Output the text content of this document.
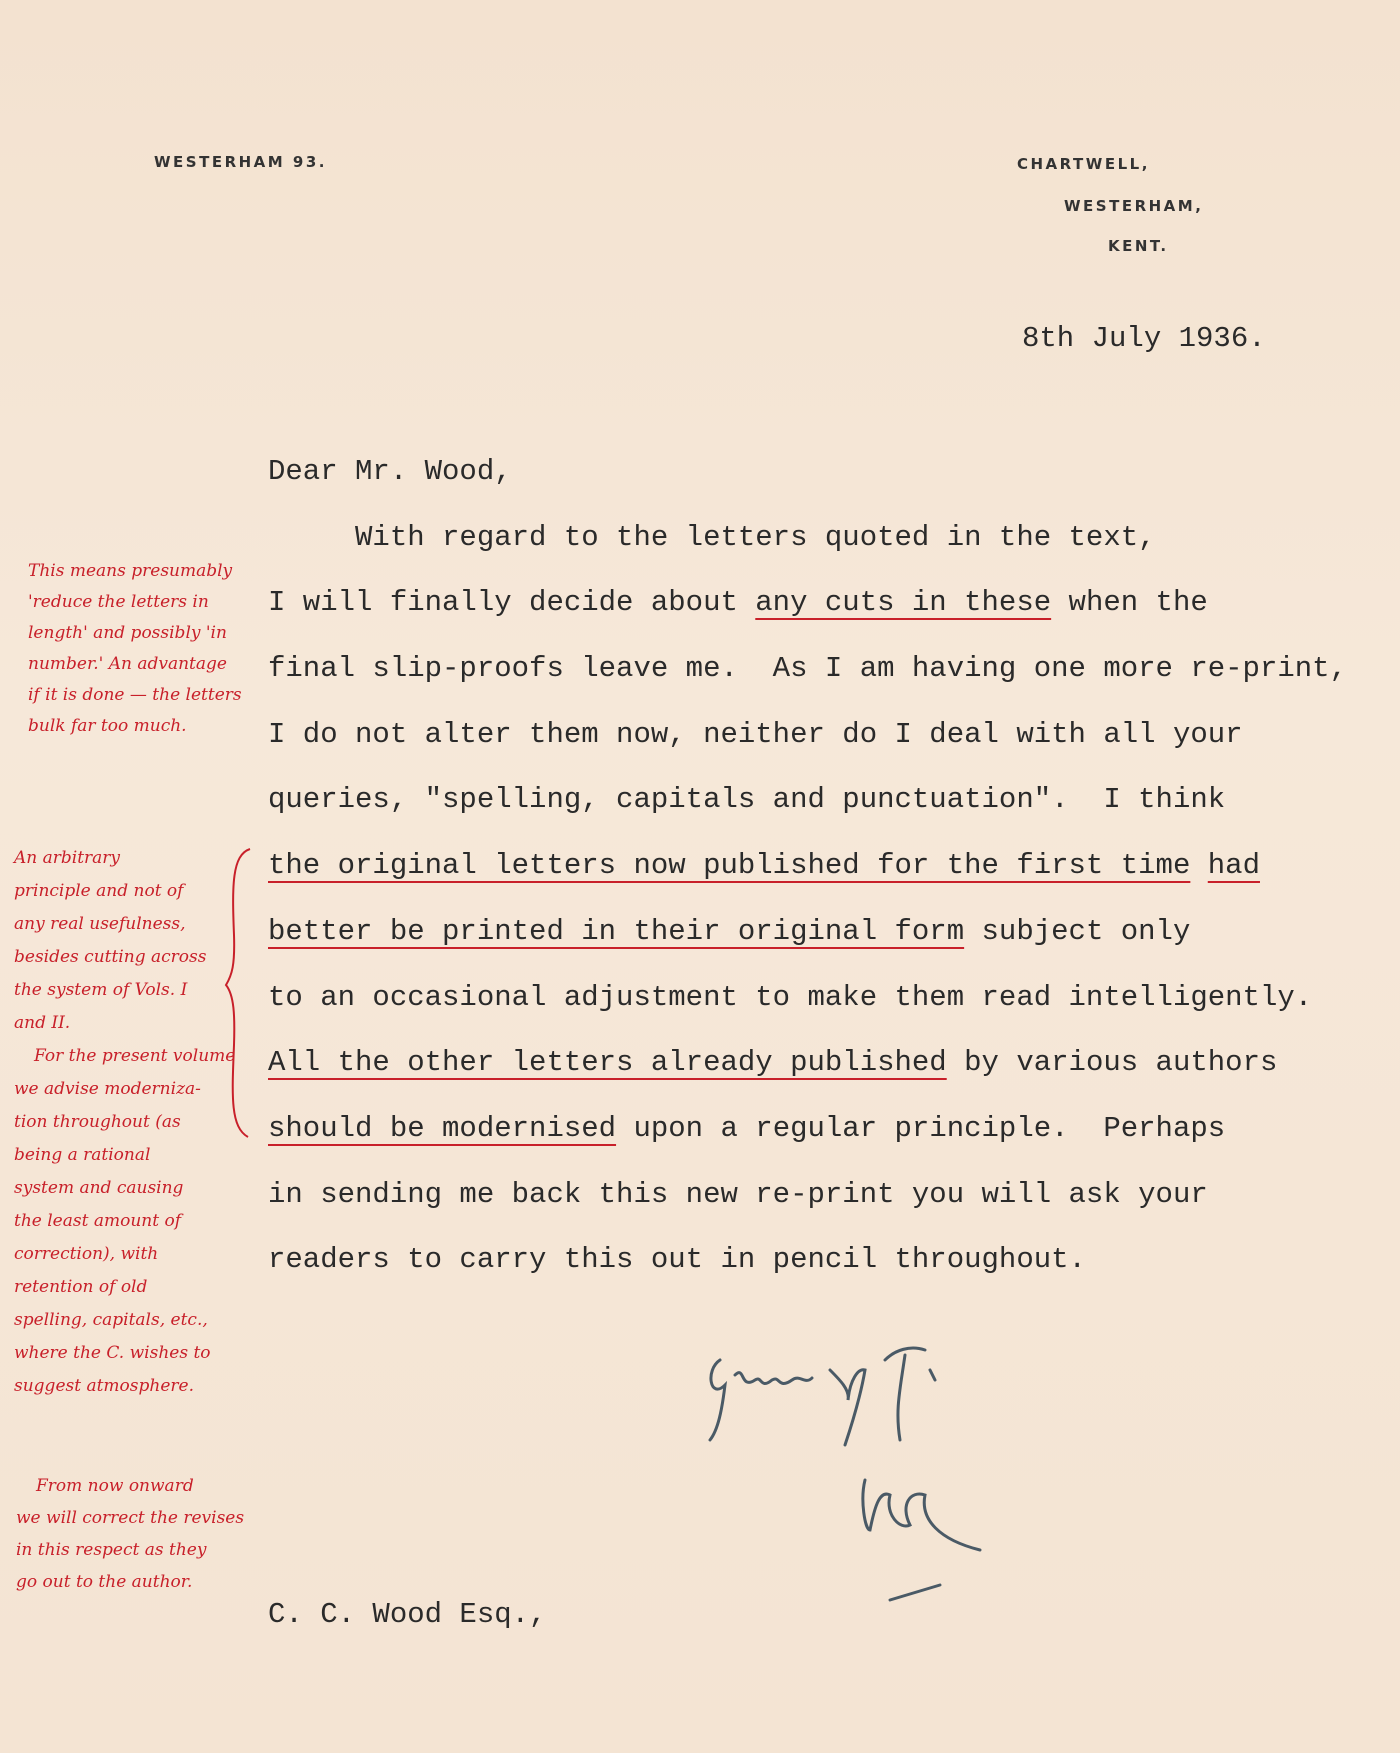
WESTERHAM 93.	CHARTWELL,
WESTERHAM,
KENT.
8th July 1936.
Dear Mr. Wood,
With regard to the letters quoted in the text,
I will finally decide about any cuts in these when the
final slip-proofs leave me.  As I am having one more re-print,
I do not alter them now, neither do I deal with all your
queries, "spelling, capitals and punctuation".  I think
the original letters now published for the first time had
better be printed in their original form subject only
to an occasional adjustment to make them read intelligently.
All the other letters already published by various authors
should be modernised upon a regular principle.  Perhaps
in sending me back this new re-print you will ask your
readers to carry this out in pencil throughout.
C. C. Wood Esq.,
This means presumably
'reduce the letters in
length' and possibly 'in
number.' An advantage
if it is done — the letters
bulk far too much.
An arbitrary
principle and not of
any real usefulness,
besides cutting across
the system of Vols. I
and II.
For the present volume
we advise moderniza-
tion throughout (as
being a rational
system and causing
the least amount of
correction), with
retention of old
spelling, capitals, etc.,
where the C. wishes to
suggest atmosphere.
From now onward
we will correct the revises
in this respect as they
go out to the author.
